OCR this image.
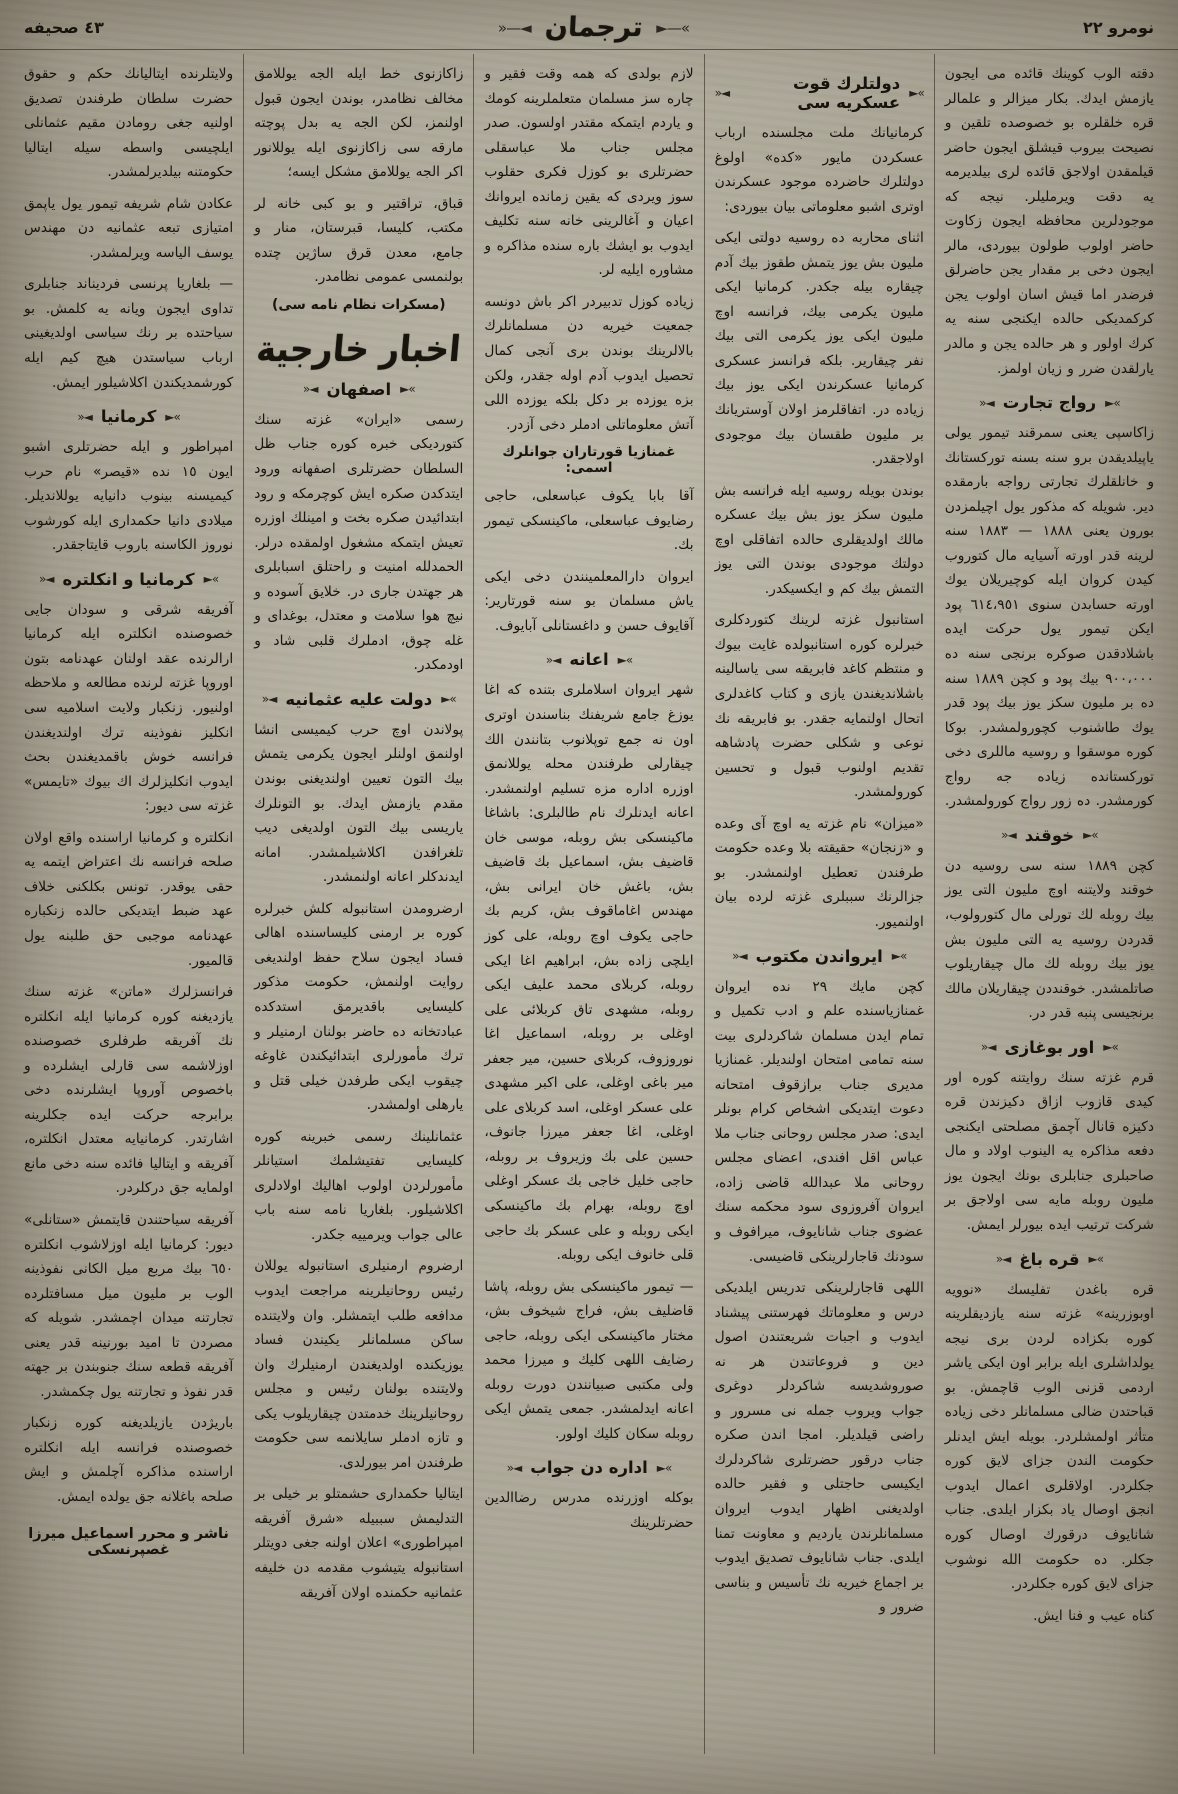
نومرو ٢٢
»—►
ترجمان
◄—«
٤٣ صحيفه
دقته الوب كوينك قائده مى ايجون يازمش ايدك. بكار ميزالر و علمالر قره خلقلره بو خصوصده تلقين و نصيحت بيروب قيشلق ايجون حاضر قيلمقدن اولاجق قائده لرى بيلديرمه يه دقت ويرمليلر. نيجه كه موجودلرين محافظه ايجون زكاوت حاضر اولوب طولون بيوردى، مالر ايجون دخى بر مقدار يجن حاضرلق فرضدر اما قيش اسان اولوب يجن كركمديكى حالده ايكنجى سنه يه كرك اولور و هر حالده يجن و مالدر يارلقدن ضرر و زيان اولمز.
»►
رواج تجارت
◄«
زاكاسپى يعنى سمرقند تيمور يولى ياپيلديقدن برو سنه بسنه توركستانك و خانلقلرك تجارتى رواجه بارمقده دير. شويله كه مذكور يول اچيلمزدن بورون يعنى ١٨٨٨ — ١٨٨٣ سنه لرينه قدر اورته آسيايه مال كتوروب كيدن كروان ايله كوچيريلان يوك اورته حسابدن سنوى ٦١٤،٩٥١ پود ايكن تيمور يول حركت ايده باشلادقدن صوكره برنجى سنه ده ٩٠٠،٠٠٠ بيك پود و كچن ١٨٨٩ سنه ده بر مليون سكز يوز بيك پود قدر يوك طاشنوب كچورولمشدر. بوكا كوره موسقوا و روسيه ماللرى دخى توركستانده زياده جه رواج كورمشدر. ده زور رواج كورولمشدر.
»►
خوقند
◄«
كچن ١٨٨٩ سنه سى روسيه دن خوقند ولايتنه اوچ مليون التى يوز بيك روبله لك تورلى مال كتورولوب، قدردن روسيه يه التى مليون بش يوز بيك روبله لك مال چيقاريلوب صاتلمشدر. خوقنددن چيقاريلان مالك برنجيسى پنبه قدر در.
»►
اور بوغازى
◄«
قرم غزته سنك روايتنه كوره اور كيدى قازوب ازاق دكيزندن قره دكيزه قانال آچمق مصلحتى ايكنجى دفعه مذاكره يه الينوب اولاد و مال صاحبلرى جنابلرى بونك ايجون يوز مليون روبله مايه سى اولاجق بر شركت ترتيب ايده بيورلر ايمش.
»►
قره باغ
◄«
قره باغدن تفليسك «نوويه اوبوزرينه» غزته سنه يازديقلرينه كوره بكزاده لردن برى نيجه يولداشلرى ايله برابر اون ايكى ياشر اردمى قزنى الوب قاچمش. بو قباحتدن ضالى مسلمانلر دخى زياده متأثر اولمشلردر. بويله ايش ايدنلر حكومت الندن جزاى لايق كوره جكلردر. اولاقلرى اعمال ايدوب انجق اوصال ياد بكزار ايلدى. جناب شانايوف درقورك اوصال كوره جكلر. ده حكومت الله نوشوب جزاى لايق كوره جكلردر.
كناه عيب و فنا ايش.
»►
دولتلرك قوت عسكريه سى
◄«
كرمانيانك ملت مجلسنده ارباب عسكردن مايور «كده» اولوغ دولتلرك حاضرده موجود عسكرندن اوترى اشبو معلوماتى بيان بيوردى:
اثناى محاربه ده روسيه دولتى ايكى مليون بش يوز يتمش طقوز بيك آدم چيقاره بيله جكدر. كرمانيا ايكى مليون يكرمى بيك، فرانسه اوچ مليون ايكى يوز يكرمى التى بيك نفر چيقارير. بلكه فرانسز عسكرى كرمانيا عسكرندن ايكى يوز بيك زياده در. اتفاقلرمز اولان آوستريانك بر مليون طقسان بيك موجودى اولاجقدر.
بوندن بويله روسيه ايله فرانسه بش مليون سكز يوز بش بيك عسكره مالك اولديقلرى حالده اتفاقلى اوچ دولتك موجودى بوندن التى يوز التمش بيك كم و ايكسيكدر.
استانبول غزته لرينك كتوردكلرى خبرلره كوره استانبولده غايت بيوك و منتظم كاغد فابريقه سى ياسالينه باشلانديغندن يازى و كتاب كاغدلرى اتحال اولنمايه جقدر. بو فابريقه نك نوعى و شكلى حضرت پادشاهه تقديم اولنوب قبول و تحسين كورولمشدر.
«ميزان» نام غزته يه اوچ آى وعده و «زنجان» حقيقته بلا وعده حكومت طرفندن تعطيل اولنمشدر. بو جزالرنك سببلرى غزته لرده بيان اولنميور.
»►
ايرواندن مكتوب
◄«
كچن مايك ٢٩ نده ايروان غمنازياسنده علم و ادب تكميل و تمام ايدن مسلمان شاكردلرى بيت سنه تمامى امتحان اولنديلر. غمنازيا مديرى جناب برازقوف امتحانه دعوت ايتديكى اشخاص كرام بونلر ايدى: صدر مجلس روحانى جناب ملا عباس اقل افندى، اعضاى مجلس روحانى ملا عبدالله قاضى زاده، ايروان آفروزوى سود محكمه سنك عضوى جناب شانايوف، ميرافوف و سودنك قاجارلرينكى قاضيسى.
اللهى قاجارلرينكى تدريس ايلديكى درس و معلوماتك فهرستنى پيشناد ايدوب و اجبات شريعتندن اصول دين و فروعاتندن هر نه صوروشديسه شاكردلر دوغرى جواب ويروب جمله نى مسرور و راضى قيلديلر. امجا اندن صكره جناب درقور حضرتلرى شاكردلرك ايكيسى حاجتلى و فقير حالده اولديغنى اظهار ايدوب ايروان مسلمانلرندن يارديم و معاونت تمنا ايلدى. جناب شانايوف تصديق ايدوب بر اجماع خيريه نك تأسيس و بناسى ضرور و
لازم بولدى كه همه وقت فقير و چاره سز مسلمان متعلملرينه كومك و ياردم ايتمكه مقتدر اولسون. صدر مجلس جناب ملا عباسقلى حضرتلرى بو كوزل فكرى حقلوب سوز ويردى كه يقين زمانده ايروانك اعيان و آغالرينى خانه سنه تكليف ايدوب بو ايشك باره سنده مذاكره و مشاوره ايليه لر.
زياده كوزل تدبيردر اكر باش دونسه جمعيت خيريه دن مسلمانلرك بالالرينك بوندن برى آنجى كمال تحصيل ايدوب آدم اوله جقدر، ولكن بزه يوزده بر دكل بلكه يوزده اللى آتش معلوماتلى ادملر دخى آزدر.
غمنازيا قورتاران جوانلرك اسمى:
آقا بابا يكوف عباسعلى، حاجى رضايوف عباسعلى، ماكينسكى تيمور بك.
ايروان دارالمعلمينندن دخى ايكى ياش مسلمان بو سنه قورتارير: آقايوف حسن و داغستانلى آبايوف.
»►
اعانه
◄«
شهر ايروان اسلاملرى بتنده كه اغا يوزغ جامع شريفنك بناسندن اوترى اون نه جمع توپلانوب بتانندن الك چيقارلى طرفندن محله يوللانمق اوزره اداره مزه تسليم اولنمشدر. اعانه ايدنلرك نام طالبلرى: باشاغا ماكينسكى بش روبله، موسى خان قاضيف بش، اسماعيل بك قاضيف بش، باغش خان ايرانى بش، مهندس اغاماقوف بش، كريم بك حاجى يكوف اوچ روبله، على كوز ايلچى زاده بش، ابراهيم اغا ايكى روبله، كربلاى محمد عليف ايكى روبله، مشهدى تاق كربلائى على اوغلى بر روبله، اسماعيل اغا نوروزوف، كربلاى حسين، مير جعفر مير باغى اوغلى، على اكبر مشهدى على عسكر اوغلى، اسد كربلاى على اوغلى، اغا جعفر ميرزا جانوف، حسين على بك وزيروف بر روبله، حاجى خليل خاجى بك عسكر اوغلى اوچ روبله، بهرام بك ماكينسكى ايكى روبله و على عسكر بك حاجى قلى خانوف ايكى روبله.
— تيمور ماكينسكى بش روبله، پاشا قاضليف بش، فراج شيخوف بش، مختار ماكينسكى ايكى روبله، حاجى رضايف اللهى كليك و ميرزا محمد ولى مكتبى صبيانندن دورت روبله اعانه ايدلمشدر. جمعى يتمش ايكى روبله سكان كليك اولور.
»►
اداره دن جواب
◄«
بوكله اوزرنده مدرس رضاالدين حضرتلرينك
زاكازنوى خط ايله الجه يوللامق مخالف نظامدر، بوندن ايجون قبول اولنمز، لكن الجه يه بدل پوچته مارقه سى زاكازنوى ايله يوللانور اكر الجه يوللامق مشكل ايسه؛
قباق، تراقتير و بو كبى خانه لر مكتب، كليسا، قبرستان، منار و جامع، معدن قرق ساژين چتده بولنمسى عمومى نظامدر.
(مسكرات نظام نامه سى)
اخبار خارجية
»►
اصفهان
◄«
رسمى «ايران» غزته سنك كتورديكى خبره كوره جناب ظل السلطان حضرتلرى اصفهانه ورود ايتدكدن صكره ايش كوچرمكه و رود ابتدائيدن صكره بخت و امينلك اوزره تعيش ايتمكه مشغول اولمقده درلر. الحمدلله امنيت و راحتلق اسبابلرى هر جهتدن جارى در. خلايق آسوده و نيچ هوا سلامت و معتدل، بوغداى و غله چوق، ادملرك قلبى شاد و اودمكدر.
»►
دولت عليه عثمانيه
◄«
پولاندن اوچ حرب كيميسى انشا اولنمق اولنلر ايجون يكرمى يتمش بيك التون تعيين اولنديغنى بوندن مقدم يازمش ايدك. بو التونلرك ياريسى بيك التون اولديغى ديب تلغرافدن اكلاشيلمشدر. امانه ايدندكلر اعانه اولنمشدر.
ارضرومدن استانبوله كلش خبرلره كوره بر ارمنى كليساسنده اهالى فساد ايجون سلاح حفظ اولنديغى روايت اولنمش، حكومت مذكور كليسايى باقديرمق استدكده عبادتخانه ده حاضر بولنان ارمنيلر و ترك مأمورلرى ابتدائيكندن غاوغه چيقوب ايكى طرفدن خيلى قتل و يارهلى اولمشدر.
عثمانلينك رسمى خبرينه كوره كليسايى تفتيشلمك استيانلر مأمورلردن اولوب اهاليك اولادلرى اكلاشيلور. بلغاريا نامه سنه باب عالى جواب ويرمييه جكدر.
ارضروم ارمنيلرى استانبوله يوللان رئيس روحانيلرينه مراجعت ايدوب مدافعه طلب ايتمشلر. وان ولايتنده ساكن مسلمانلر يكيندن فساد يوزيكنده اولديغندن ارمنيلرك وان ولايتنده بولنان رئيس و مجلس روحانيلرينك خدمتدن چيقاريلوب يكى و تازه ادملر سايلانمه سى حكومت طرفندن امر بيورلدى.
ايتاليا حكمدارى حشمتلو بر خيلى بر التدليمش سببيله «شرق آفريقه امپراطورى» اعلان اولنه جغى دويتلر استانبوله يتيشوب مقدمه دن خليفه عثمانيه حكمنده اولان آفريقه
ولايتلرنده ايتاليانك حكم و حقوق حضرت سلطان طرفندن تصديق اولنيه جغى رومادن مقيم عثمانلى ايلچيسى واسطه سيله ايتاليا حكومتنه بيلديرلمشدر.
عكادن شام شريفه تيمور يول ياپمق امتيازى تبعه عثمانيه دن مهندس يوسف الياسه ويرلمشدر.
— بلغاريا پرنسى فرديناند جنابلرى تداوى ايجون ويانه يه كلمش. بو سياحتده بر رنك سياسى اولديغينى ارباب سياستدن هيچ كيم ايله كورشمديكندن اكلاشيلور ايمش.
»►
كرمانيا
◄«
امپراطور و ايله حضرتلرى اشبو ايون ١٥ نده «قيصر» نام حرب كيميسنه بينوب دانيايه يوللانديلر. ميلادى دانيا حكمدارى ايله كورشوب نوروز الكاسنه باروب قايتاجقدر.
»►
كرمانيا و انكلتره
◄«
آفريقه شرقى و سودان جايى خصوصنده انكلتره ايله كرمانيا ارالرنده عقد اولنان عهدنامه بتون اوروپا غزته لرنده مطالعه و ملاحظه اولنيور. زنكبار ولايت اسلاميه سى انكليز نفوذينه ترك اولنديغندن فرانسه خوش باقمديغندن بحث ايدوب انكليزلرك اك بيوك «تايمس» غزته سى ديور:
انكلتره و كرمانيا اراسنده واقع اولان صلحه فرانسه نك اعتراض ايتمه يه حقى يوقدر. تونس بكلكنى خلاف عهد ضبط ايتديكى حالده زنكباره عهدنامه موجبى حق طلبنه يول قالميور.
فرانسزلرك «ماتن» غزته سنك يازديغنه كوره كرمانيا ايله انكلتره نك آفريقه طرفلرى خصوصنده اوزلاشمه سى قارلى ايشلرده و باخصوص آوروپا ايشلرنده دخى برابرجه حركت ايده جكلرينه اشارتدر. كرمانيايه معتدل انكلتره، آفريقه و ايتاليا فائده سنه دخى مانع اولمايه جق دركلردر.
آفريقه سياحتندن قايتمش «ستانلى» ديور: كرمانيا ايله اوزلاشوب انكلتره ٦٥٠ بيك مربع ميل الكانى نفوذينه الوب بر مليون ميل مسافتلرده تجارتنه ميدان اچمشدر. شويله كه مصردن تا اميد بورنينه قدر يعنى آفريقه قطعه سنك جنوبندن بر جهته قدر نفوذ و تجارتنه يول چكمشدر.
باريژدن يازيلديغنه كوره زنكبار خصوصنده فرانسه ايله انكلتره اراسنده مذاكره آچلمش و ايش صلحه باغلانه جق يولده ايمش.
ناشر و محرر اسماعيل ميرزا غصپرنسكى
